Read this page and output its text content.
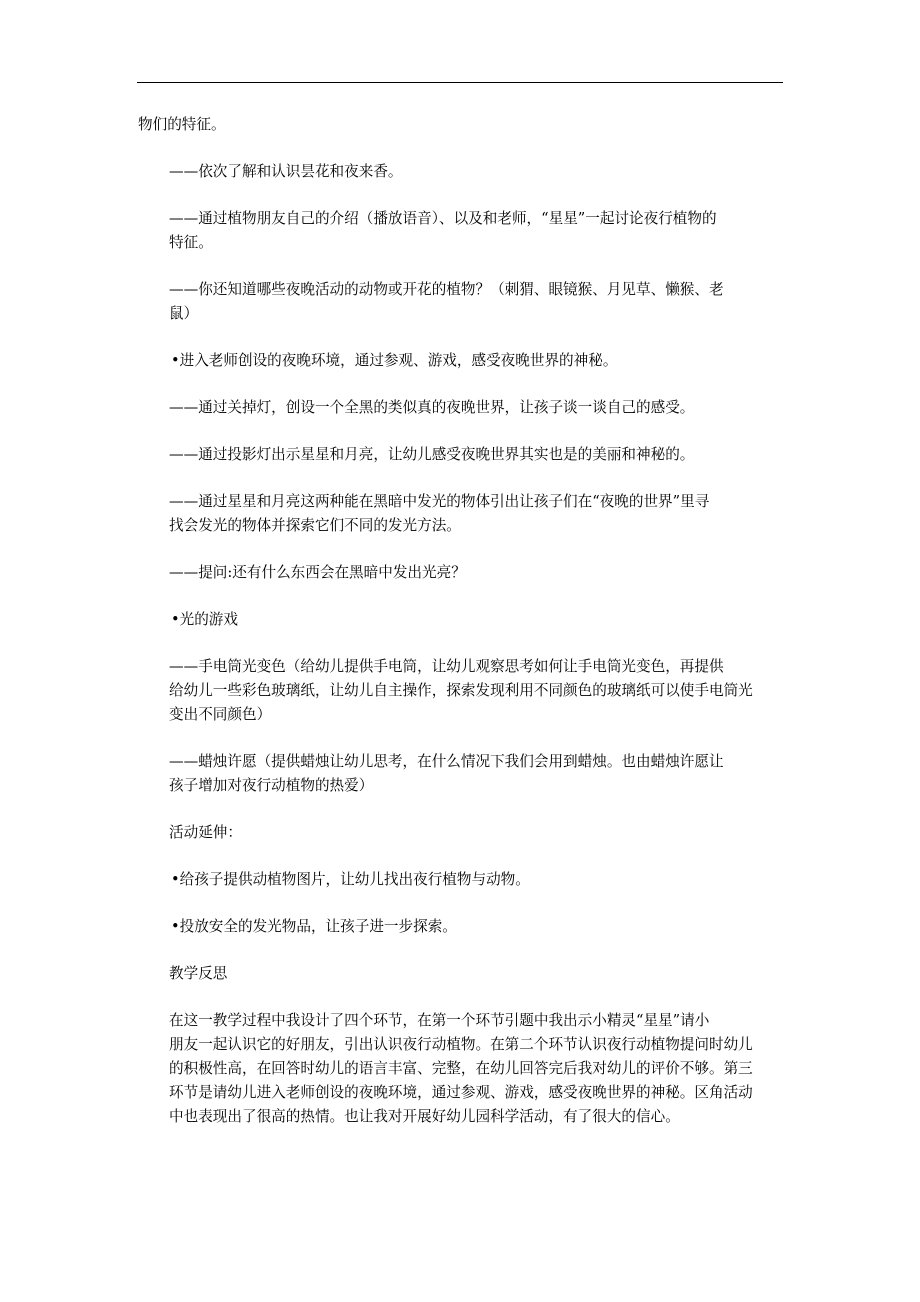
物们的特征。
——依次了解和认识昙花和夜来香。
——通过植物朋友自己的介绍（播放语音）、以及和老师，“星星”一起讨论夜行植物的
特征。
——你还知道哪些夜晚活动的动物或开花的植物？（刺猬、眼镜猴、月见草、懒猴、老
鼠）
•进入老师创设的夜晚环境，通过参观、游戏，感受夜晚世界的神秘。
——通过关掉灯，创设一个全黑的类似真的夜晚世界，让孩子谈一谈自己的感受。
——通过投影灯出示星星和月亮，让幼儿感受夜晚世界其实也是的美丽和神秘的。
——通过星星和月亮这两种能在黑暗中发光的物体引出让孩子们在“夜晚的世界”里寻
找会发光的物体并探索它们不同的发光方法。
——提问:还有什么东西会在黑暗中发出光亮？
•光的游戏
——手电筒光变色（给幼儿提供手电筒，让幼儿观察思考如何让手电筒光变色，再提供
给幼儿一些彩色玻璃纸，让幼儿自主操作，探索发现利用不同颜色的玻璃纸可以使手电筒光
变出不同颜色）
——蜡烛许愿（提供蜡烛让幼儿思考，在什么情况下我们会用到蜡烛。也由蜡烛许愿让
孩子增加对夜行动植物的热爱）
活动延伸：
•给孩子提供动植物图片，让幼儿找出夜行植物与动物。
•投放安全的发光物品，让孩子进一步探索。
教学反思
在这一教学过程中我设计了四个环节，在第一个环节引题中我出示小精灵“星星”请小
朋友一起认识它的好朋友，引出认识夜行动植物。在第二个环节认识夜行动植物提问时幼儿
的积极性高，在回答时幼儿的语言丰富、完整，在幼儿回答完后我对幼儿的评价不够。第三
环节是请幼儿进入老师创设的夜晚环境，通过参观、游戏，感受夜晚世界的神秘。区角活动
中也表现出了很高的热情。也让我对开展好幼儿园科学活动，有了很大的信心。
